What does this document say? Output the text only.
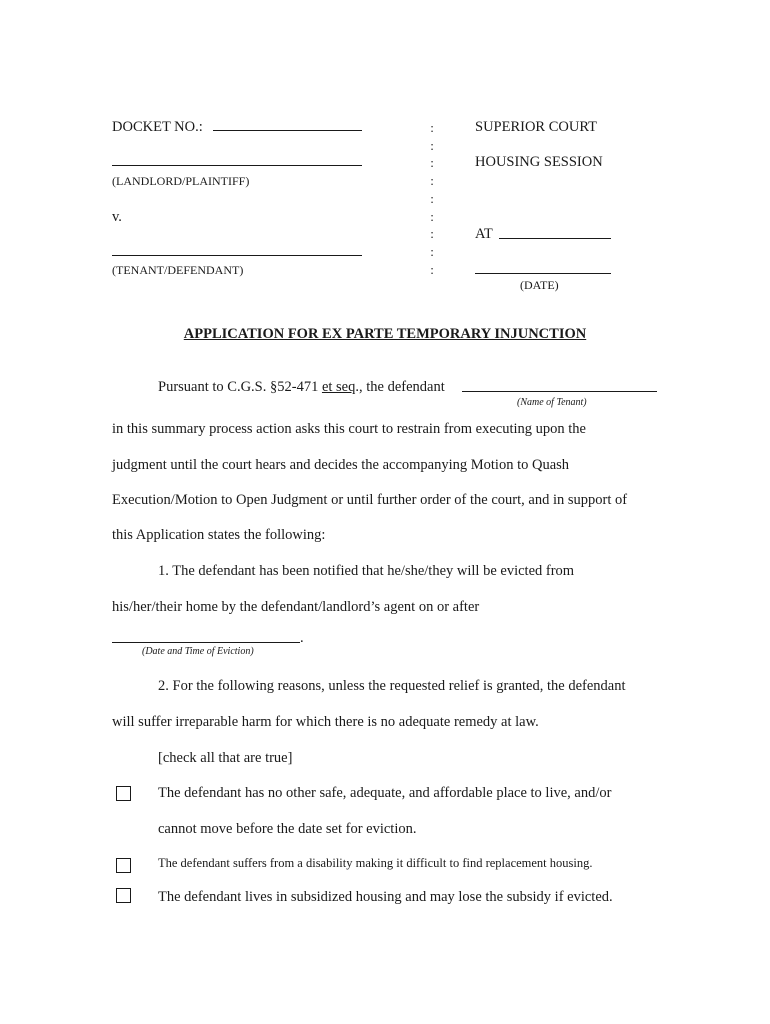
DOCKET NO.:
(LANDLORD/PLAINTIFF)
v.
(TENANT/DEFENDANT)
:
:
:
:
:
:
:
:
:
SUPERIOR COURT
HOUSING SESSION
AT
(DATE)
APPLICATION FOR EX PARTE TEMPORARY INJUNCTION
Pursuant to C.G.S. §52-471 et seq., the defendant
(Name of Tenant)
in this summary process action asks this court to restrain from executing upon the
judgment until the court hears and decides the accompanying Motion to Quash
Execution/Motion to Open Judgment or until further order of the court, and in support of
this Application states the following:
1. The defendant has been notified that he/she/they will be evicted from
his/her/their home by the defendant/landlord’s agent on or after
.
(Date and Time of Eviction)
2. For the following reasons, unless the requested relief is granted, the defendant
will suffer irreparable harm for which there is no adequate remedy at law.
[check all that are true]
The defendant has no other safe, adequate, and affordable place to live, and/or
cannot move before the date set for eviction.
The defendant suffers from a disability making it difficult to find replacement housing.
The defendant lives in subsidized housing and may lose the subsidy if evicted.
